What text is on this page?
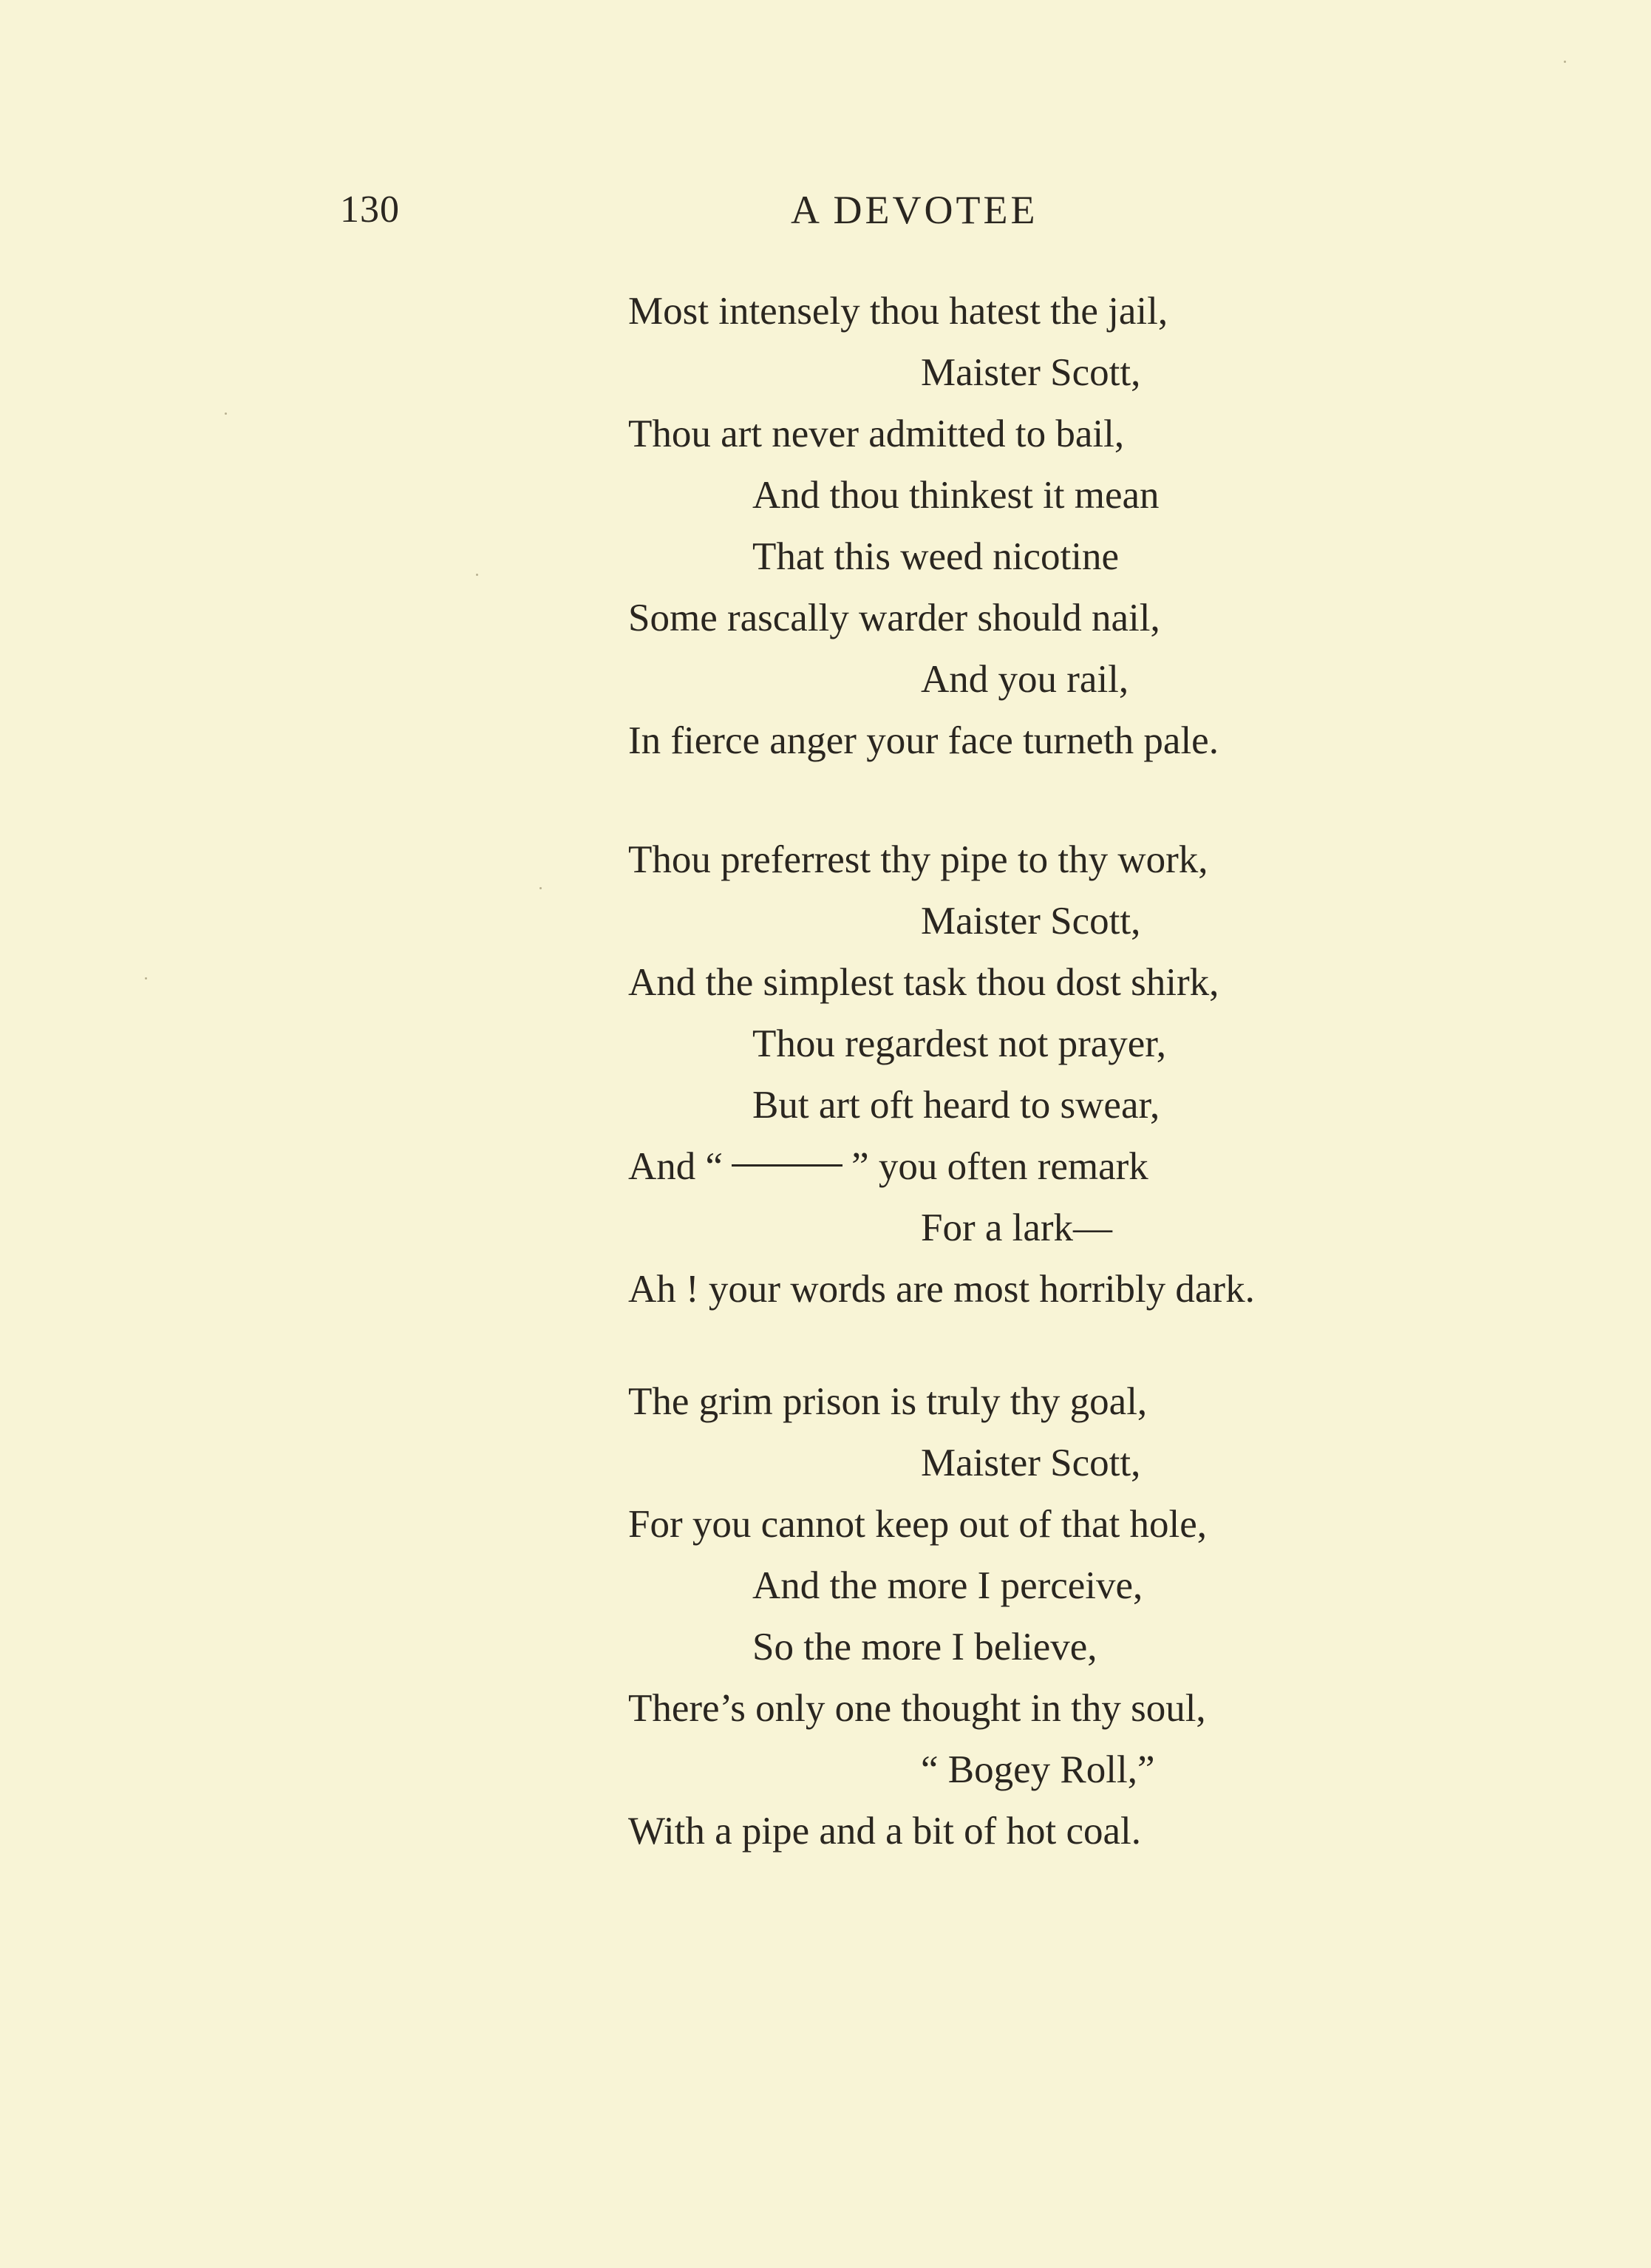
130	A DEVOTEE
Most intensely thou hatest the jail,
Maister Scott,
Thou art never admitted to bail,
And thou thinkest it mean
That this weed nicotine
Some rascally warder should nail,
And you rail,
In fierce anger your face turneth pale.
Thou preferrest thy pipe to thy work,
Maister Scott,
And the simplest task thou dost shirk,
Thou regardest not prayer,
But art oft heard to swear,
And “	” you often remark
For a lark—
Ah ! your words are most horribly dark.
The grim prison is truly thy goal,
Maister Scott,
For you cannot keep out of that hole,
And the more I perceive,
So the more I believe,
There’s only one thought in thy soul,
“ Bogey Roll,”
With a pipe and a bit of hot coal.
